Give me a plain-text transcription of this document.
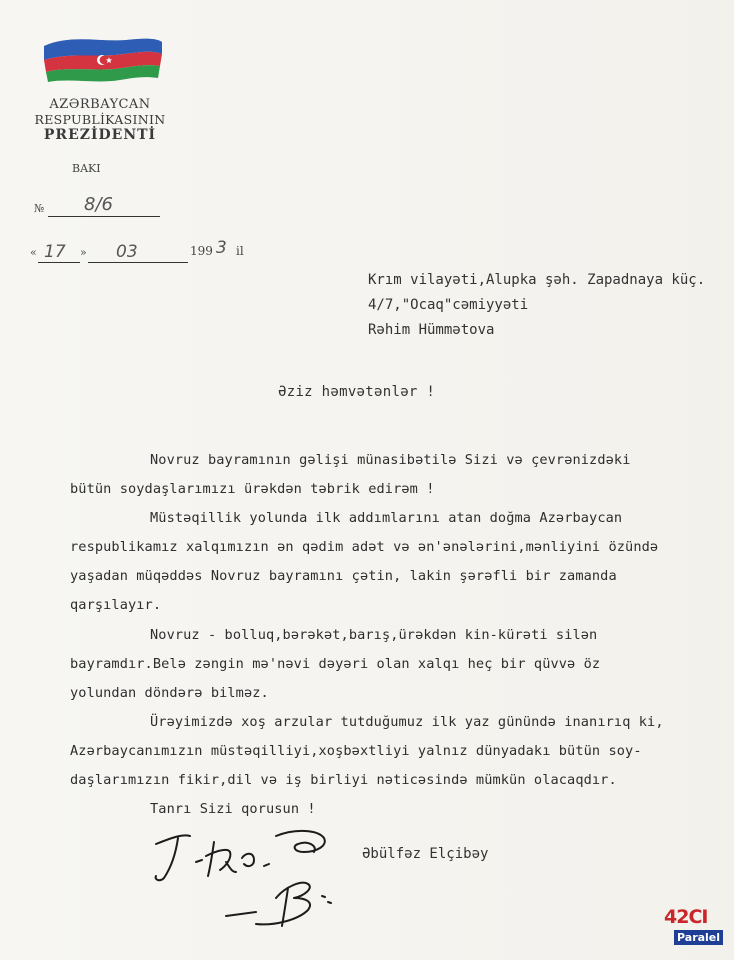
AZƏRBAYCAN
RESPUBLİKASININ
PREZİDENTİ
BAKI
№ 8/6
« 17 » 03	199 3 il
Krım vilayəti,Alupka şəh. Zapadnaya küç.
4/7,"Ocaq"cəmiyyəti
Rəhim Hümmətova
Əziz həmvətənlər !
Novruz bayramının gəlişi münasibətilə Sizi və çevrənizdəki
bütün soydaşlarımızı ürəkdən təbrik edirəm !
Müstəqillik yolunda ilk addımlarını atan doğma Azərbaycan
respublikamız xalqımızın ən qədim adət və ən'ənələrini,mənliyini özündə
yaşadan müqəddəs Novruz bayramını çətin, lakin şərəfli bir zamanda
qarşılayır.
Novruz - bolluq,bərəkət,barış,ürəkdən kin-kürəti silən
bayramdır.Belə zəngin mə'nəvi dəyəri olan xalqı heç bir qüvvə öz
yolundan döndərə bilməz.
Ürəyimizdə xoş arzular tutduğumuz ilk yaz günündə inanırıq ki,
Azərbaycanımızın müstəqilliyi,xoşbəxtliyi yalnız dünyadakı bütün soy-
daşlarımızın fikir,dil və iş birliyi nəticəsində mümkün olacaqdır.
Tanrı Sizi qorusun !
Əbülfəz Elçibəy
42CI
Paralel
